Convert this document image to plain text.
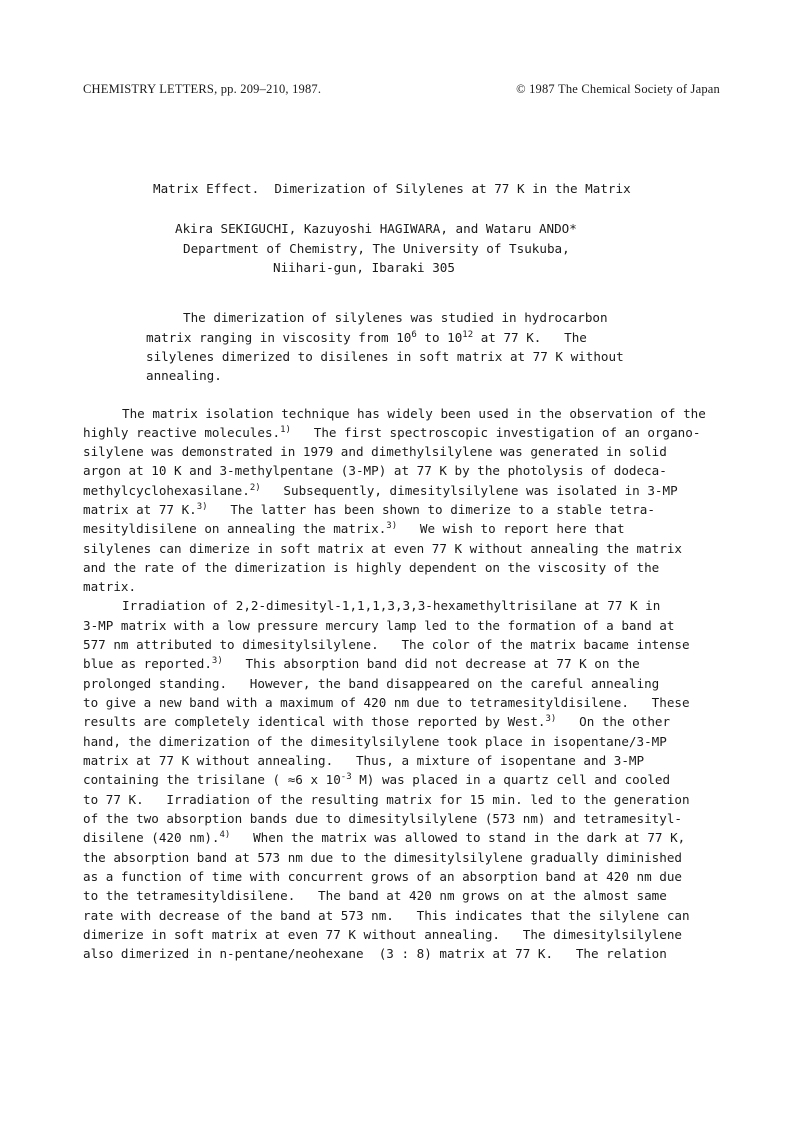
CHEMISTRY LETTERS, pp. 209–210, 1987.	© 1987 The Chemical Society of Japan
Matrix Effect.  Dimerization of Silylenes at 77 K in the Matrix
Akira SEKIGUCHI, Kazuyoshi HAGIWARA, and Wataru ANDO*
Department of Chemistry, The University of Tsukuba,
Niihari-gun, Ibaraki 305
The dimerization of silylenes was studied in hydrocarbon
matrix ranging in viscosity from $10^6$ to $10^{12}$ at 77 K.   The
silylenes dimerized to disilenes in soft matrix at 77 K without
annealing.
The matrix isolation technique has widely been used in the observation of the
highly reactive molecules.$^{1)}$   The first spectroscopic investigation of an organo-
silylene was demonstrated in 1979 and dimethylsilylene was generated in solid
argon at 10 K and 3-methylpentane (3-MP) at 77 K by the photolysis of dodeca-
methylcyclohexasilane.$^{2)}$   Subsequently, dimesitylsilylene was isolated in 3-MP
matrix at 77 K.$^{3)}$   The latter has been shown to dimerize to a stable tetra-
mesityldisilene on annealing the matrix.$^{3)}$   We wish to report here that
silylenes can dimerize in soft matrix at even 77 K without annealing the matrix
and the rate of the dimerization is highly dependent on the viscosity of the
matrix.
Irradiation of 2,2-dimesityl-1,1,1,3,3,3-hexamethyltrisilane at 77 K in
3-MP matrix with a low pressure mercury lamp led to the formation of a band at
577 nm attributed to dimesitylsilylene.   The color of the matrix bacame intense
blue as reported.$^{3)}$   This absorption band did not decrease at 77 K on the
prolonged standing.   However, the band disappeared on the careful annealing
to give a new band with a maximum of 420 nm due to tetramesityldisilene.   These
results are completely identical with those reported by West.$^{3)}$   On the other
hand, the dimerization of the dimesitylsilylene took place in isopentane/3-MP
matrix at 77 K without annealing.   Thus, a mixture of isopentane and 3-MP
containing the trisilane ( ≈6 x $10^{-3}$ M) was placed in a quartz cell and cooled
to 77 K.   Irradiation of the resulting matrix for 15 min. led to the generation
of the two absorption bands due to dimesitylsilylene (573 nm) and tetramesityl-
disilene (420 nm).$^{4)}$   When the matrix was allowed to stand in the dark at 77 K,
the absorption band at 573 nm due to the dimesitylsilylene gradually diminished
as a function of time with concurrent grows of an absorption band at 420 nm due
to the tetramesityldisilene.   The band at 420 nm grows on at the almost same
rate with decrease of the band at 573 nm.   This indicates that the silylene can
dimerize in soft matrix at even 77 K without annealing.   The dimesitylsilylene
also dimerized in n-pentane/neohexane  (3 : 8) matrix at 77 K.   The relation
